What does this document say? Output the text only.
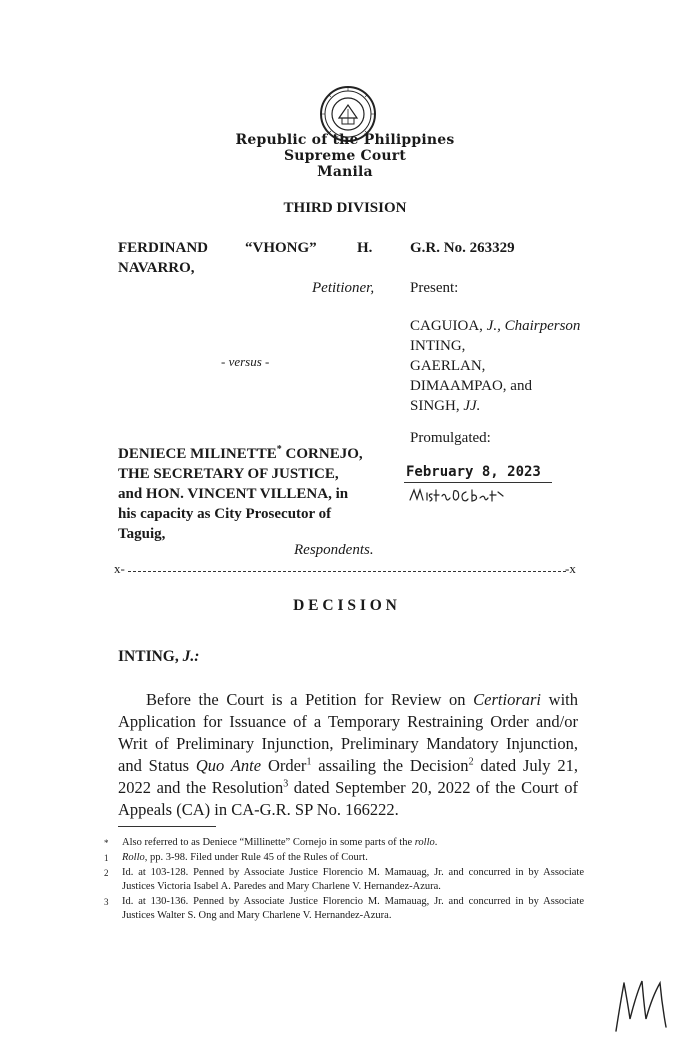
Republic of the Philippines
Supreme Court
Manila
THIRD DIVISION
FERDINAND “VHONG”	H.
NAVARRO,
Petitioner,
- versus -
DENIECE MILINETTE* CORNEJO,
THE SECRETARY OF JUSTICE,
and HON. VINCENT VILLENA, in
his capacity as City Prosecutor of
Taguig,
Respondents.
G.R. No. 263329
Present:
CAGUIOA, J., Chairperson
INTING,
GAERLAN,
DIMAAMPAO, and
SINGH, JJ.
Promulgated:
February 8, 2023
x-	-x
D E C I S I O N
INTING, J.:
Before the Court is a Petition for Review on Certiorari with Application for Issuance of a Temporary Restraining Order and/or Writ of Preliminary Injunction, Preliminary Mandatory Injunction, and Status Quo Ante Order$^1$ assailing the Decision$^2$ dated July 21, 2022 and the Resolution$^3$ dated September 20, 2022 of the Court of Appeals (CA) in CA-G.R. SP No. 166222.
* Also referred to as Deniece “Millinette” Cornejo in some parts of the rollo.
1 Rollo, pp. 3-98. Filed under Rule 45 of the Rules of Court.
2 Id. at 103-128. Penned by Associate Justice Florencio M. Mamauag, Jr. and concurred in by Associate Justices Victoria Isabel A. Paredes and Mary Charlene V. Hernandez-Azura.
3 Id. at 130-136. Penned by Associate Justice Florencio M. Mamauag, Jr. and concurred in by Associate Justices Walter S. Ong and Mary Charlene V. Hernandez-Azura.
